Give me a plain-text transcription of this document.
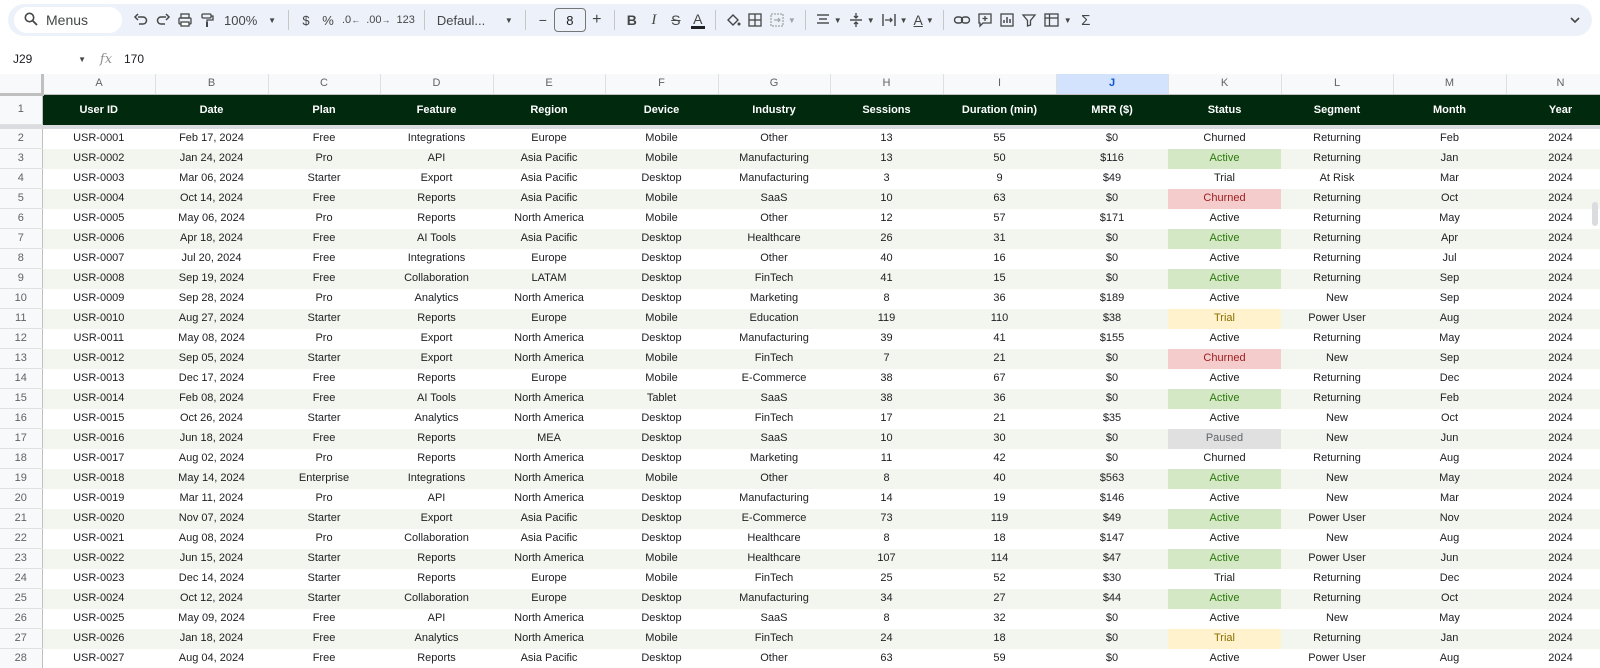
Menus	100% ▼	$ % .0 ← .00 → 123 Defaul... ▼	−	8	+	B I	S A	▼	▼	▼	▼ A ▼	▼ Σ
J29	▼	fx 170
	A	B	C	D	E	F	G	H	I	J	K	L	M	N
1	User ID	Date	Plan	Feature	Region	Device	Industry	Sessions	Duration (min)	MRR ($)	Status	Segment	Month	Year

2	USR-0001	Feb 17, 2024	Free	Integrations	Europe	Mobile	Other	13	55	$0	Churned	Returning	Feb	2024
3	USR-0002	Jan 24, 2024	Pro	API	Asia Pacific	Mobile	Manufacturing	13	50	$116	Active	Returning	Jan	2024
4	USR-0003	Mar 06, 2024	Starter	Export	Asia Pacific	Desktop	Manufacturing	3	9	$49	Trial	At Risk	Mar	2024
5	USR-0004	Oct 14, 2024	Free	Reports	Asia Pacific	Mobile	SaaS	10	63	$0	Churned	Returning	Oct	2024
6	USR-0005	May 06, 2024	Pro	Reports	North America	Mobile	Other	12	57	$171	Active	Returning	May	2024
7	USR-0006	Apr 18, 2024	Free	AI Tools	Asia Pacific	Desktop	Healthcare	26	31	$0	Active	Returning	Apr	2024
8	USR-0007	Jul 20, 2024	Free	Integrations	Europe	Desktop	Other	40	16	$0	Active	Returning	Jul	2024
9	USR-0008	Sep 19, 2024	Free	Collaboration	LATAM	Desktop	FinTech	41	15	$0	Active	Returning	Sep	2024
10	USR-0009	Sep 28, 2024	Pro	Analytics	North America	Desktop	Marketing	8	36	$189	Active	New	Sep	2024
11	USR-0010	Aug 27, 2024	Starter	Reports	Europe	Mobile	Education	119	110	$38	Trial	Power User	Aug	2024
12	USR-0011	May 08, 2024	Pro	Export	North America	Desktop	Manufacturing	39	41	$155	Active	Returning	May	2024
13	USR-0012	Sep 05, 2024	Starter	Export	North America	Mobile	FinTech	7	21	$0	Churned	New	Sep	2024
14	USR-0013	Dec 17, 2024	Free	Reports	Europe	Mobile	E-Commerce	38	67	$0	Active	Returning	Dec	2024
15	USR-0014	Feb 08, 2024	Free	AI Tools	North America	Tablet	SaaS	38	36	$0	Active	Returning	Feb	2024
16	USR-0015	Oct 26, 2024	Starter	Analytics	North America	Desktop	FinTech	17	21	$35	Active	New	Oct	2024
17	USR-0016	Jun 18, 2024	Free	Reports	MEA	Desktop	SaaS	10	30	$0	Paused	New	Jun	2024
18	USR-0017	Aug 02, 2024	Pro	Reports	North America	Desktop	Marketing	11	42	$0	Churned	Returning	Aug	2024
19	USR-0018	May 14, 2024	Enterprise	Integrations	North America	Mobile	Other	8	40	$563	Active	New	May	2024
20	USR-0019	Mar 11, 2024	Pro	API	North America	Desktop	Manufacturing	14	19	$146	Active	New	Mar	2024
21	USR-0020	Nov 07, 2024	Starter	Export	Asia Pacific	Desktop	E-Commerce	73	119	$49	Active	Power User	Nov	2024
22	USR-0021	Aug 08, 2024	Pro	Collaboration	Asia Pacific	Desktop	Healthcare	8	18	$147	Active	New	Aug	2024
23	USR-0022	Jun 15, 2024	Starter	Reports	North America	Mobile	Healthcare	107	114	$47	Active	Power User	Jun	2024
24	USR-0023	Dec 14, 2024	Starter	Reports	Europe	Mobile	FinTech	25	52	$30	Trial	Returning	Dec	2024
25	USR-0024	Oct 12, 2024	Starter	Collaboration	Europe	Desktop	Manufacturing	34	27	$44	Active	Returning	Oct	2024
26	USR-0025	May 09, 2024	Free	API	North America	Desktop	SaaS	8	32	$0	Active	New	May	2024
27	USR-0026	Jan 18, 2024	Free	Analytics	North America	Mobile	FinTech	24	18	$0	Trial	Returning	Jan	2024
28	USR-0027	Aug 04, 2024	Free	Reports	Asia Pacific	Desktop	Other	63	59	$0	Active	Power User	Aug	2024
